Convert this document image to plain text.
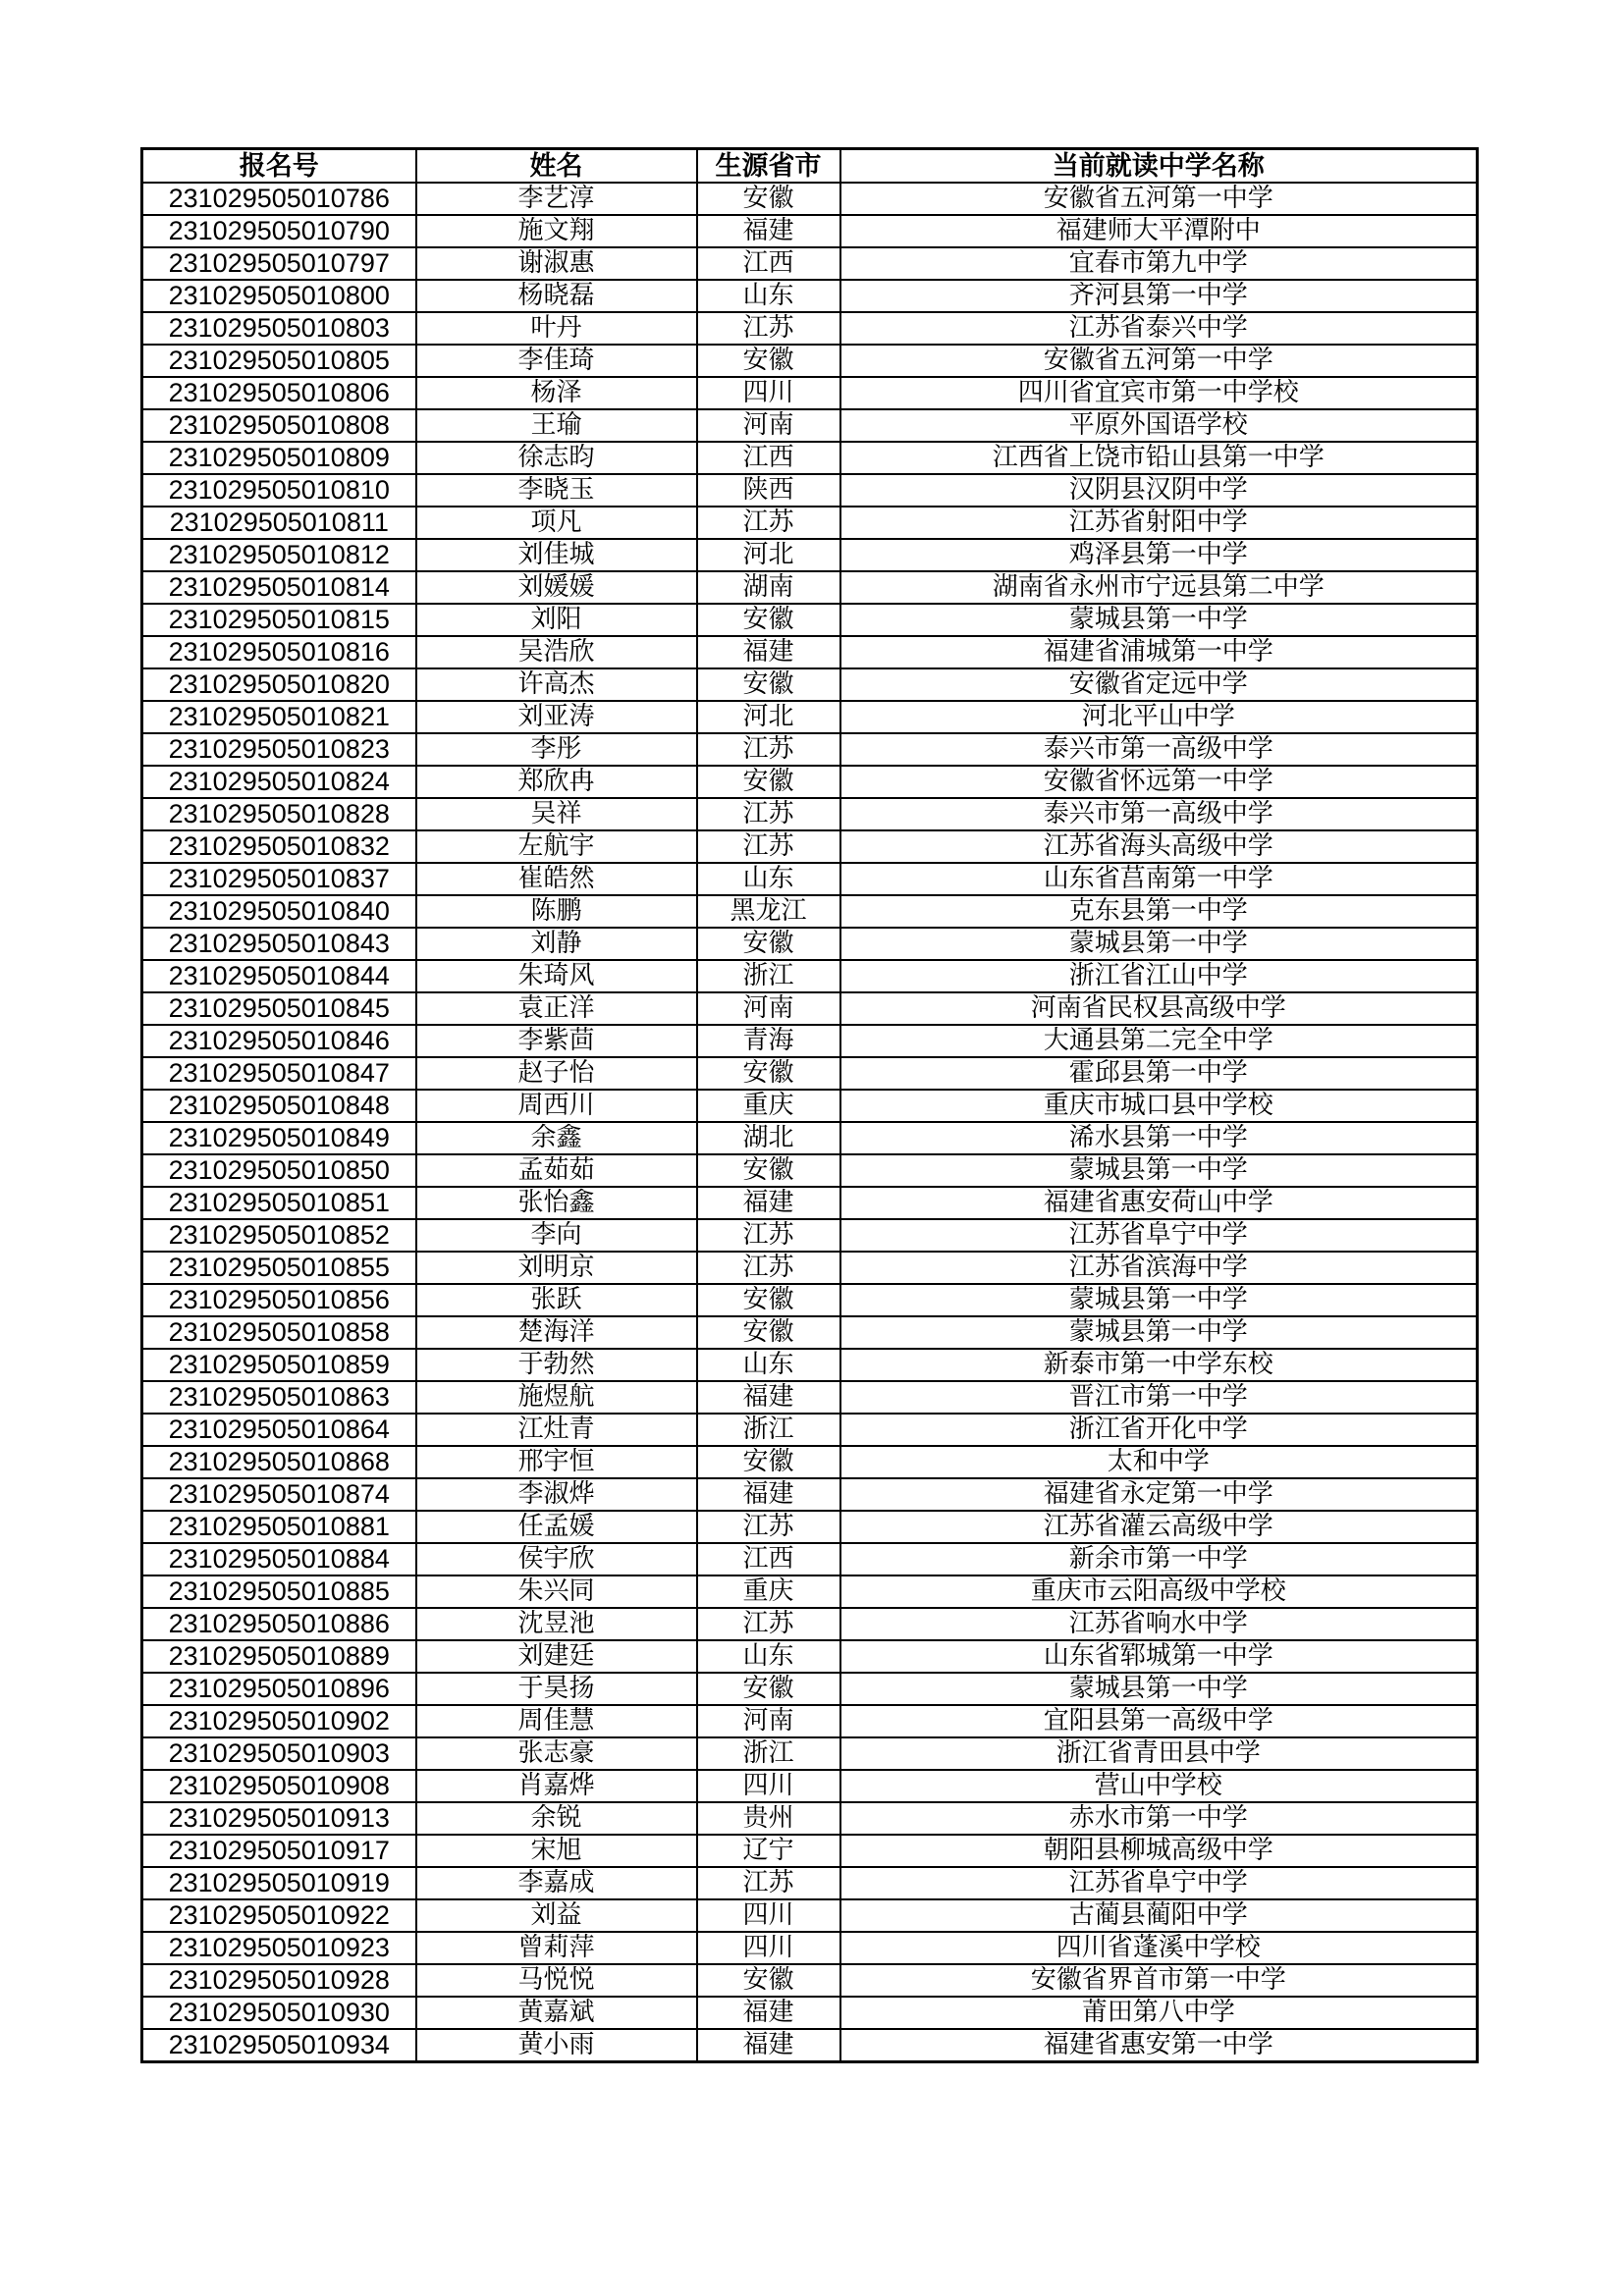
报名号	姓名	生源省市	当前就读中学名称
231029505010786	李艺淳	安徽	安徽省五河第一中学
231029505010790	施文翔	福建	福建师大平潭附中
231029505010797	谢淑惠	江西	宜春市第九中学
231029505010800	杨晓磊	山东	齐河县第一中学
231029505010803	叶丹	江苏	江苏省泰兴中学
231029505010805	李佳琦	安徽	安徽省五河第一中学
231029505010806	杨泽	四川	四川省宜宾市第一中学校
231029505010808	王瑜	河南	平原外国语学校
231029505010809	徐志昀	江西	江西省上饶市铅山县第一中学
231029505010810	李晓玉	陕西	汉阴县汉阴中学
231029505010811	项凡	江苏	江苏省射阳中学
231029505010812	刘佳城	河北	鸡泽县第一中学
231029505010814	刘媛媛	湖南	湖南省永州市宁远县第二中学
231029505010815	刘阳	安徽	蒙城县第一中学
231029505010816	吴浩欣	福建	福建省浦城第一中学
231029505010820	许高杰	安徽	安徽省定远中学
231029505010821	刘亚涛	河北	河北平山中学
231029505010823	李彤	江苏	泰兴市第一高级中学
231029505010824	郑欣冉	安徽	安徽省怀远第一中学
231029505010828	吴祥	江苏	泰兴市第一高级中学
231029505010832	左航宇	江苏	江苏省海头高级中学
231029505010837	崔皓然	山东	山东省莒南第一中学
231029505010840	陈鹏	黑龙江	克东县第一中学
231029505010843	刘静	安徽	蒙城县第一中学
231029505010844	朱琦风	浙江	浙江省江山中学
231029505010845	袁正洋	河南	河南省民权县高级中学
231029505010846	李紫茴	青海	大通县第二完全中学
231029505010847	赵子怡	安徽	霍邱县第一中学
231029505010848	周西川	重庆	重庆市城口县中学校
231029505010849	余鑫	湖北	浠水县第一中学
231029505010850	孟茹茹	安徽	蒙城县第一中学
231029505010851	张怡鑫	福建	福建省惠安荷山中学
231029505010852	李向	江苏	江苏省阜宁中学
231029505010855	刘明京	江苏	江苏省滨海中学
231029505010856	张跃	安徽	蒙城县第一中学
231029505010858	楚海洋	安徽	蒙城县第一中学
231029505010859	于勃然	山东	新泰市第一中学东校
231029505010863	施煜航	福建	晋江市第一中学
231029505010864	江灶青	浙江	浙江省开化中学
231029505010868	邢宇恒	安徽	太和中学
231029505010874	李淑烨	福建	福建省永定第一中学
231029505010881	任孟媛	江苏	江苏省灌云高级中学
231029505010884	侯宇欣	江西	新余市第一中学
231029505010885	朱兴同	重庆	重庆市云阳高级中学校
231029505010886	沈昱池	江苏	江苏省响水中学
231029505010889	刘建廷	山东	山东省郓城第一中学
231029505010896	于昊扬	安徽	蒙城县第一中学
231029505010902	周佳慧	河南	宜阳县第一高级中学
231029505010903	张志豪	浙江	浙江省青田县中学
231029505010908	肖嘉烨	四川	营山中学校
231029505010913	余锐	贵州	赤水市第一中学
231029505010917	宋旭	辽宁	朝阳县柳城高级中学
231029505010919	李嘉成	江苏	江苏省阜宁中学
231029505010922	刘益	四川	古蔺县蔺阳中学
231029505010923	曾莉萍	四川	四川省蓬溪中学校
231029505010928	马悦悦	安徽	安徽省界首市第一中学
231029505010930	黄嘉斌	福建	莆田第八中学
231029505010934	黄小雨	福建	福建省惠安第一中学
